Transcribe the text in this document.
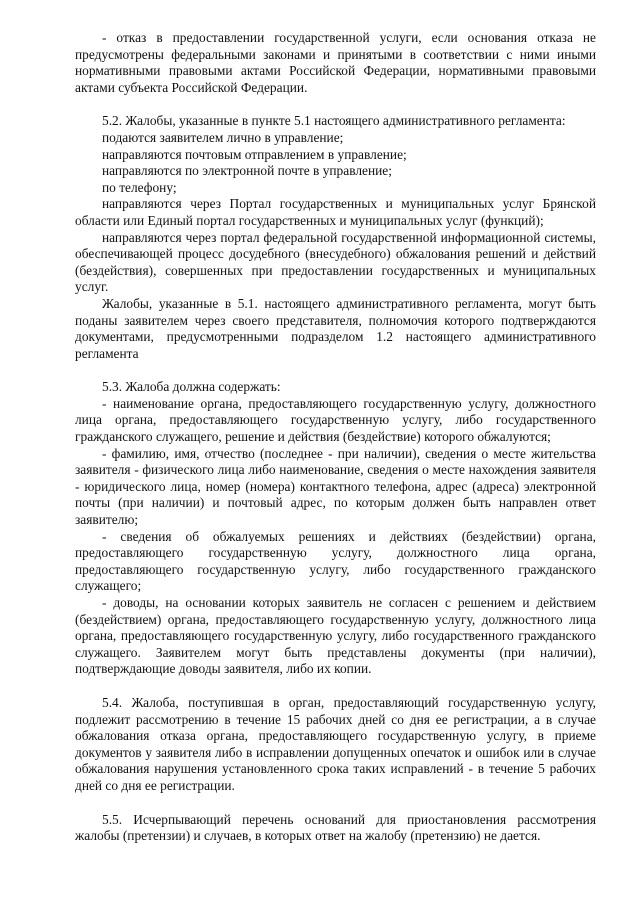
- отказ в предоставлении государственной услуги, если основания отказа не предусмотрены федеральными законами и принятыми в соответствии с ними иными нормативными правовыми актами Российской Федерации, нормативными правовыми актами субъекта Российской Федерации.

5.2. Жалобы, указанные в пункте 5.1 настоящего административного регламента:

подаются заявителем лично в управление;

направляются почтовым отправлением в управление;

направляются по электронной почте в управление;

по телефону;

направляются через Портал государственных и муниципальных услуг Брянской области или Единый портал государственных и муниципальных услуг (функций);

направляются через портал федеральной государственной информационной системы, обеспечивающей процесс досудебного (внесудебного) обжалования решений и действий (бездействия), совершенных при предоставлении государственных и муниципальных услуг.

Жалобы, указанные в 5.1. настоящего административного регламента, могут быть поданы заявителем через своего представителя, полномочия которого подтверждаются документами, предусмотренными подразделом 1.2 настоящего административного регламента

5.3. Жалоба должна содержать:

- наименование органа, предоставляющего государственную услугу, должностного лица органа, предоставляющего государственную услугу, либо государственного гражданского служащего, решение и действия (бездействие) которого обжалуются;

- фамилию, имя, отчество (последнее - при наличии), сведения о месте жительства заявителя - физического лица либо наименование, сведения о месте нахождения заявителя - юридического лица, номер (номера) контактного телефона, адрес (адреса) электронной почты (при наличии) и почтовый адрес, по которым должен быть направлен ответ заявителю;

- сведения об обжалуемых решениях и действиях (бездействии) органа, предоставляющего государственную услугу, должностного лица органа, предоставляющего государственную услугу, либо государственного гражданского служащего;

- доводы, на основании которых заявитель не согласен с решением и действием (бездействием) органа, предоставляющего государственную услугу, должностного лица органа, предоставляющего государственную услугу, либо государственного гражданского служащего. Заявителем могут быть представлены документы (при наличии), подтверждающие доводы заявителя, либо их копии.

5.4. Жалоба, поступившая в орган, предоставляющий государственную услугу, подлежит рассмотрению в течение 15 рабочих дней со дня ее регистрации, а в случае обжалования отказа органа, предоставляющего государственную услугу, в приеме документов у заявителя либо в исправлении допущенных опечаток и ошибок или в случае обжалования нарушения установленного срока таких исправлений - в течение 5 рабочих дней со дня ее регистрации.

5.5. Исчерпывающий перечень оснований для приостановления рассмотрения жалобы (претензии) и случаев, в которых ответ на жалобу (претензию) не дается.
